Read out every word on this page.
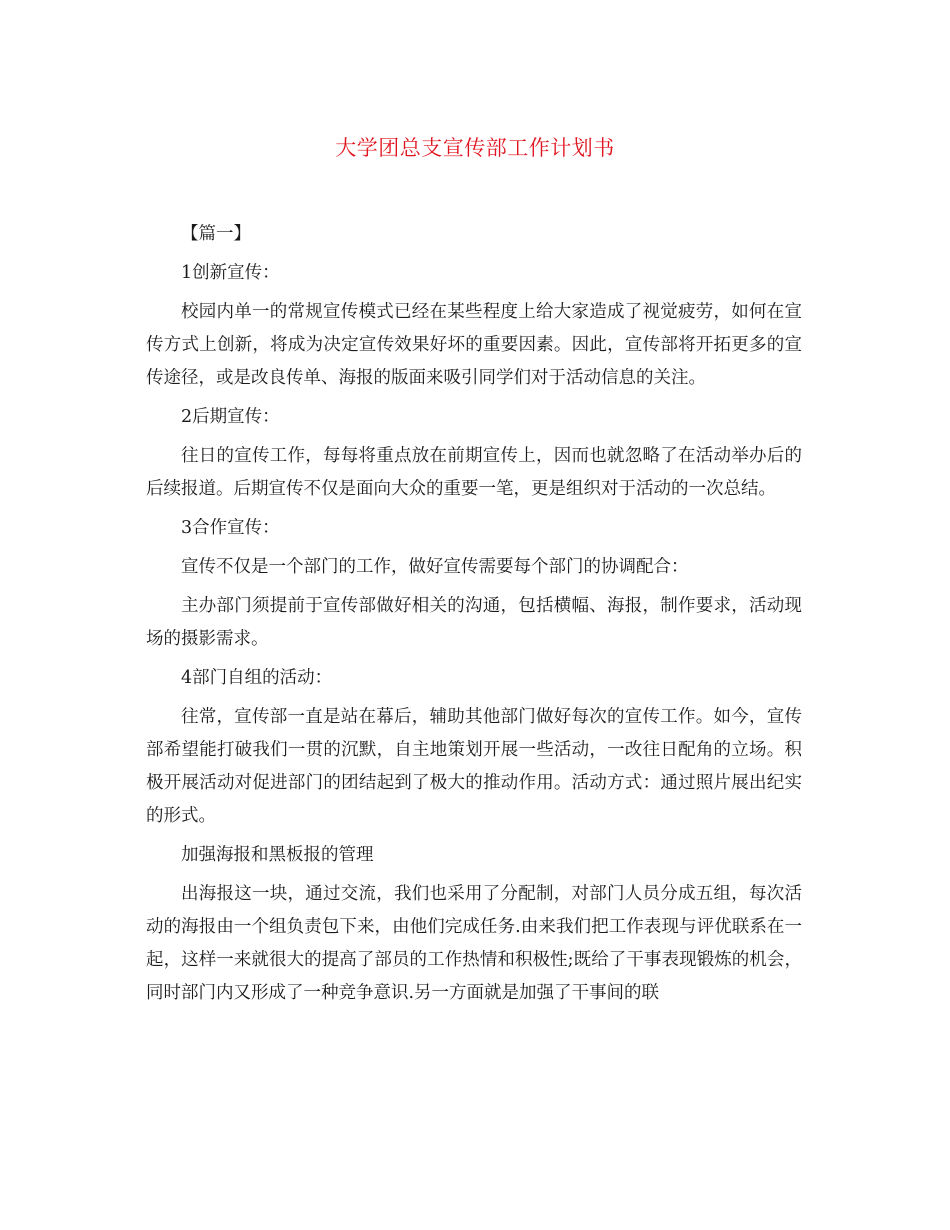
大学团总支宣传部工作计划书

【篇一】

1创新宣传：

校园内单一的常规宣传模式已经在某些程度上给大家造成了视觉疲劳，如何在宣传方式上创新，将成为决定宣传效果好坏的重要因素。因此，宣传部将开拓更多的宣传途径，或是改良传单、海报的版面来吸引同学们对于活动信息的关注。

2后期宣传：

往日的宣传工作，每每将重点放在前期宣传上，因而也就忽略了在活动举办后的后续报道。后期宣传不仅是面向大众的重要一笔，更是组织对于活动的一次总结。

3合作宣传：

宣传不仅是一个部门的工作，做好宣传需要每个部门的协调配合：

主办部门须提前于宣传部做好相关的沟通，包括横幅、海报，制作要求，活动现场的摄影需求。

4部门自组的活动：

往常，宣传部一直是站在幕后，辅助其他部门做好每次的宣传工作。如今，宣传部希望能打破我们一贯的沉默，自主地策划开展一些活动，一改往日配角的立场。积极开展活动对促进部门的团结起到了极大的推动作用。活动方式：通过照片展出纪实的形式。

加强海报和黑板报的管理

出海报这一块，通过交流，我们也采用了分配制，对部门人员分成五组，每次活动的海报由一个组负责包下来，由他们完成任务.由来我们把工作表现与评优联系在一起，这样一来就很大的提高了部员的工作热情和积极性;既给了干事表现锻炼的机会，同时部门内又形成了一种竞争意识.另一方面就是加强了干事间的联
